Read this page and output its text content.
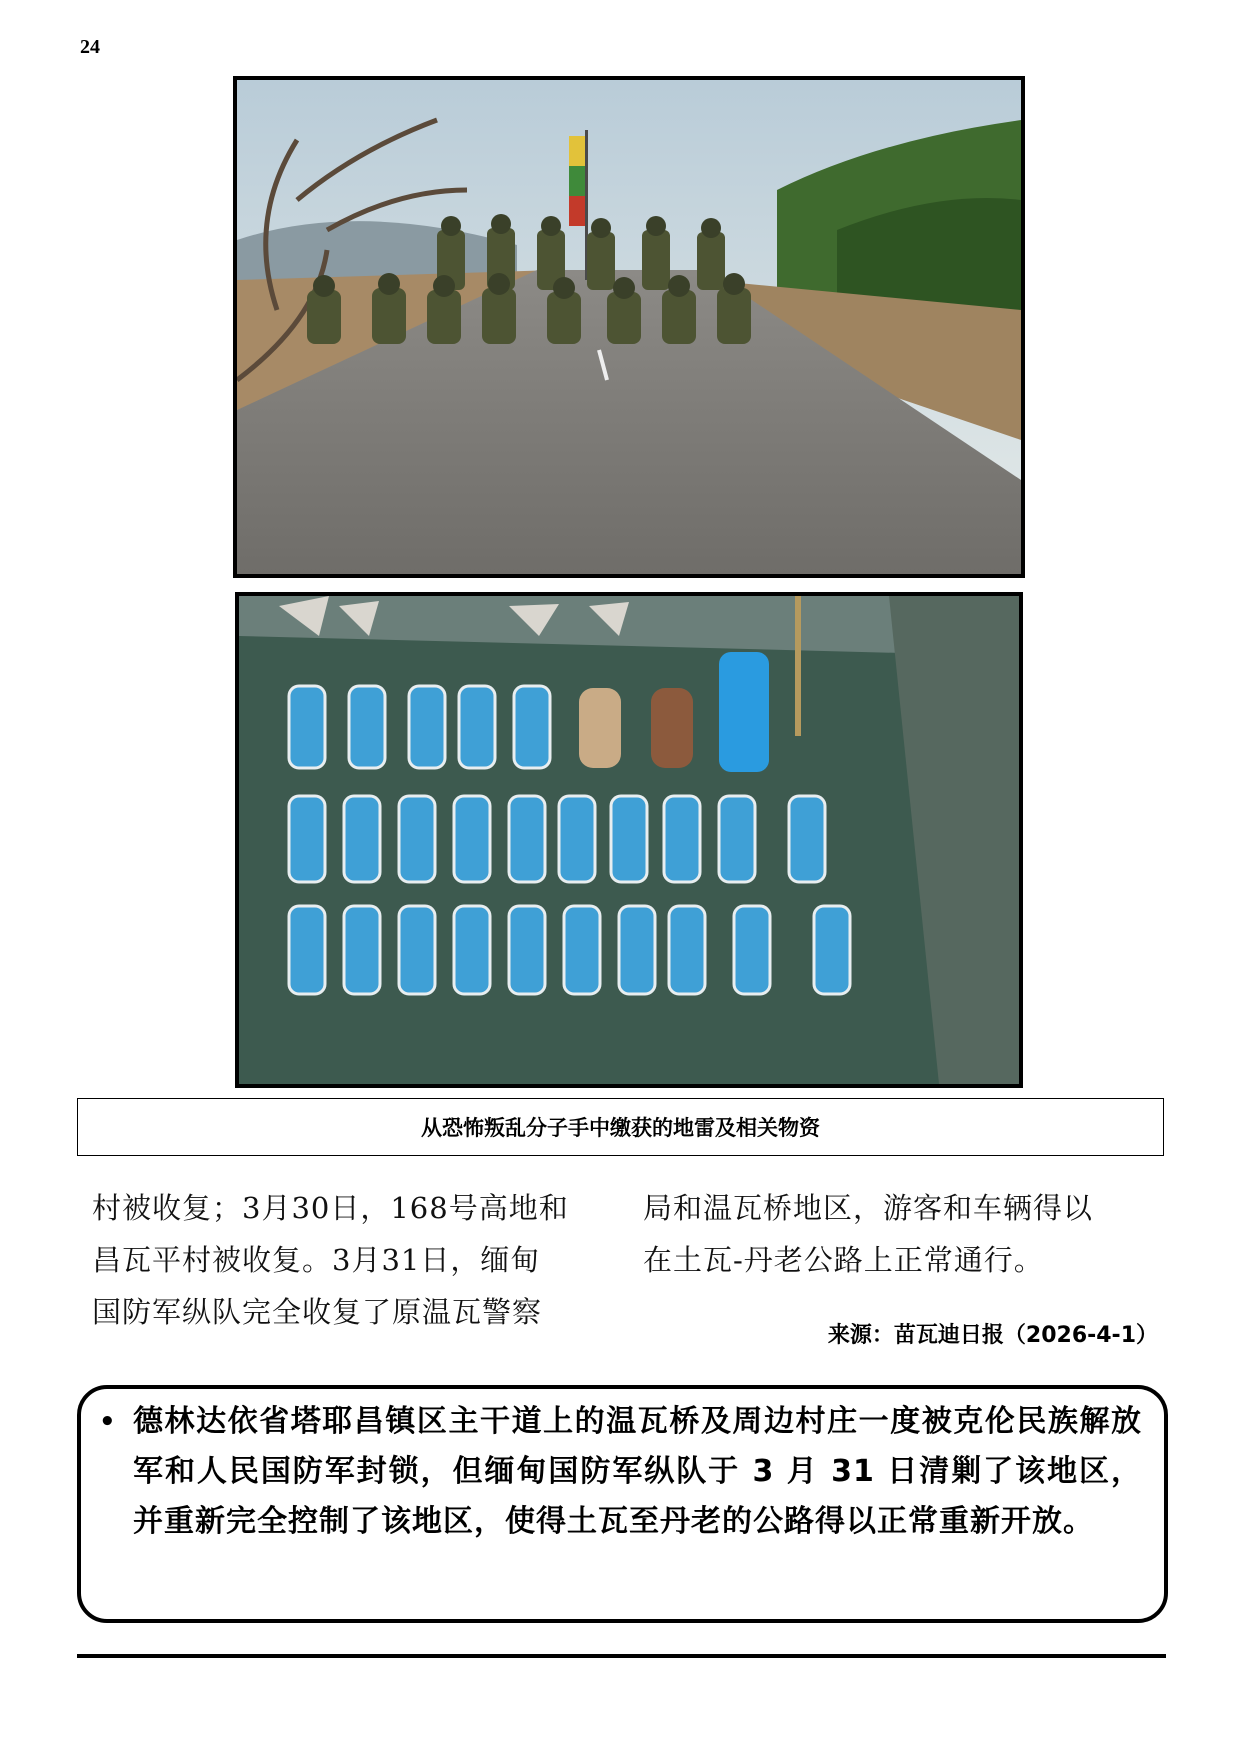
24
从恐怖叛乱分子手中缴获的地雷及相关物资
村被收复；3月30日，168号高地和
昌瓦平村被收复。3月31日，缅甸
国防军纵队完全收复了原温瓦警察
局和温瓦桥地区，游客和车辆得以
在土瓦-丹老公路上正常通行。
来源：苗瓦迪日报（2026-4-1）
• 德林达依省塔耶昌镇区主干道上的温瓦桥及周边村庄一度被克伦民族解放军和人民国防军封锁，但缅甸国防军纵队于 3 月 31 日清剿了该地区，并重新完全控制了该地区，使得土瓦至丹老的公路得以正常重新开放。
